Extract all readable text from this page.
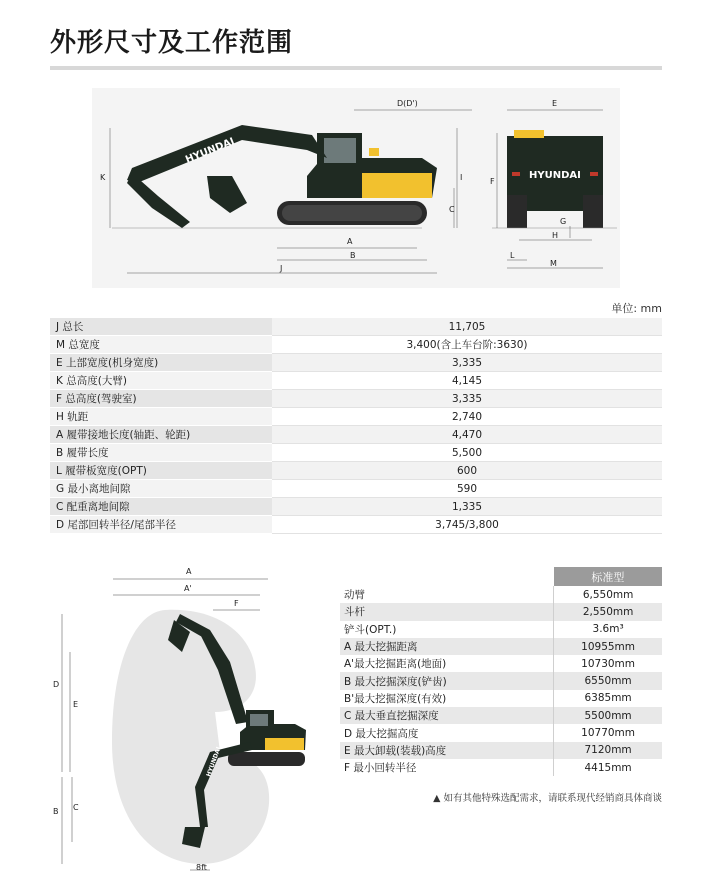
外形尺寸及工作范围
HYUNDAI
HYUNDAI
D(D')	E
K	I	F
C
G
H
A
B
J
L
M
单位: mm
J 总长	11,705
M 总宽度	3,400(含上车台阶:3630)
E 上部宽度(机身宽度)	3,335
K 总高度(大臂)	4,145
F 总高度(驾驶室)	3,335
H 轨距	2,740
A 履带接地长度(轴距、轮距)	4,470
B 履带长度	5,500
L 履带板宽度(OPT)	600
G 最小离地间隙	590
C 配重离地间隙	1,335
D 尾部回转半径/尾部半径	3,745/3,800
HYUNDAI
A
A'
F
D
E
B C
8ft
	标准型
动臂	6,550mm
斗杆	2,550mm
铲斗(OPT.)	3.6m³
A 最大挖掘距离	10955mm
A'最大挖掘距离(地面)	10730mm
B 最大挖掘深度(铲齿)	6550mm
B'最大挖掘深度(有效)	6385mm
C 最大垂直挖掘深度	5500mm
D 最大挖掘高度	10770mm
E 最大卸载(装载)高度	7120mm
F 最小回转半径	4415mm
▲ 如有其他特殊选配需求，请联系现代经销商具体商谈
